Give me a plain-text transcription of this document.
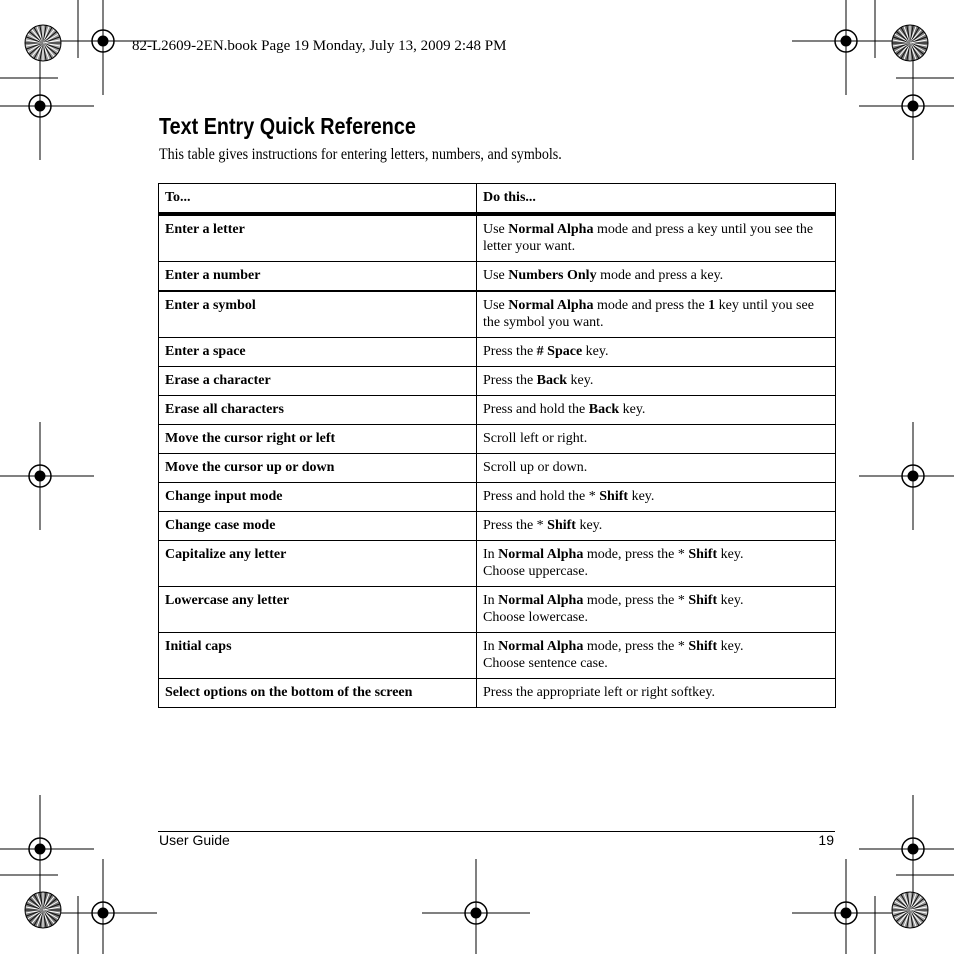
82-L2609-2EN.book Page 19 Monday, July 13, 2009 2:48 PM
Text Entry Quick Reference

This table gives instructions for entering letters, numbers, and symbols.

To...	Do this...
Enter a letter	Use Normal Alpha mode and press a key until you see the letter your want.
Enter a number	Use Numbers Only mode and press a key.
Enter a symbol	Use Normal Alpha mode and press the 1 key until you see the symbol you want.
Enter a space	Press the # Space key.
Erase a character	Press the Back key.
Erase all characters	Press and hold the Back key.
Move the cursor right or left	Scroll left or right.
Move the cursor up or down	Scroll up or down.
Change input mode	Press and hold the * Shift key.
Change case mode	Press the * Shift key.
Capitalize any letter	In Normal Alpha mode, press the * Shift key.
Choose uppercase.
Lowercase any letter	In Normal Alpha mode, press the * Shift key.
Choose lowercase.
Initial caps	In Normal Alpha mode, press the * Shift key.
Choose sentence case.
Select options on the bottom of the screen	Press the appropriate left or right softkey.
User Guide	19
